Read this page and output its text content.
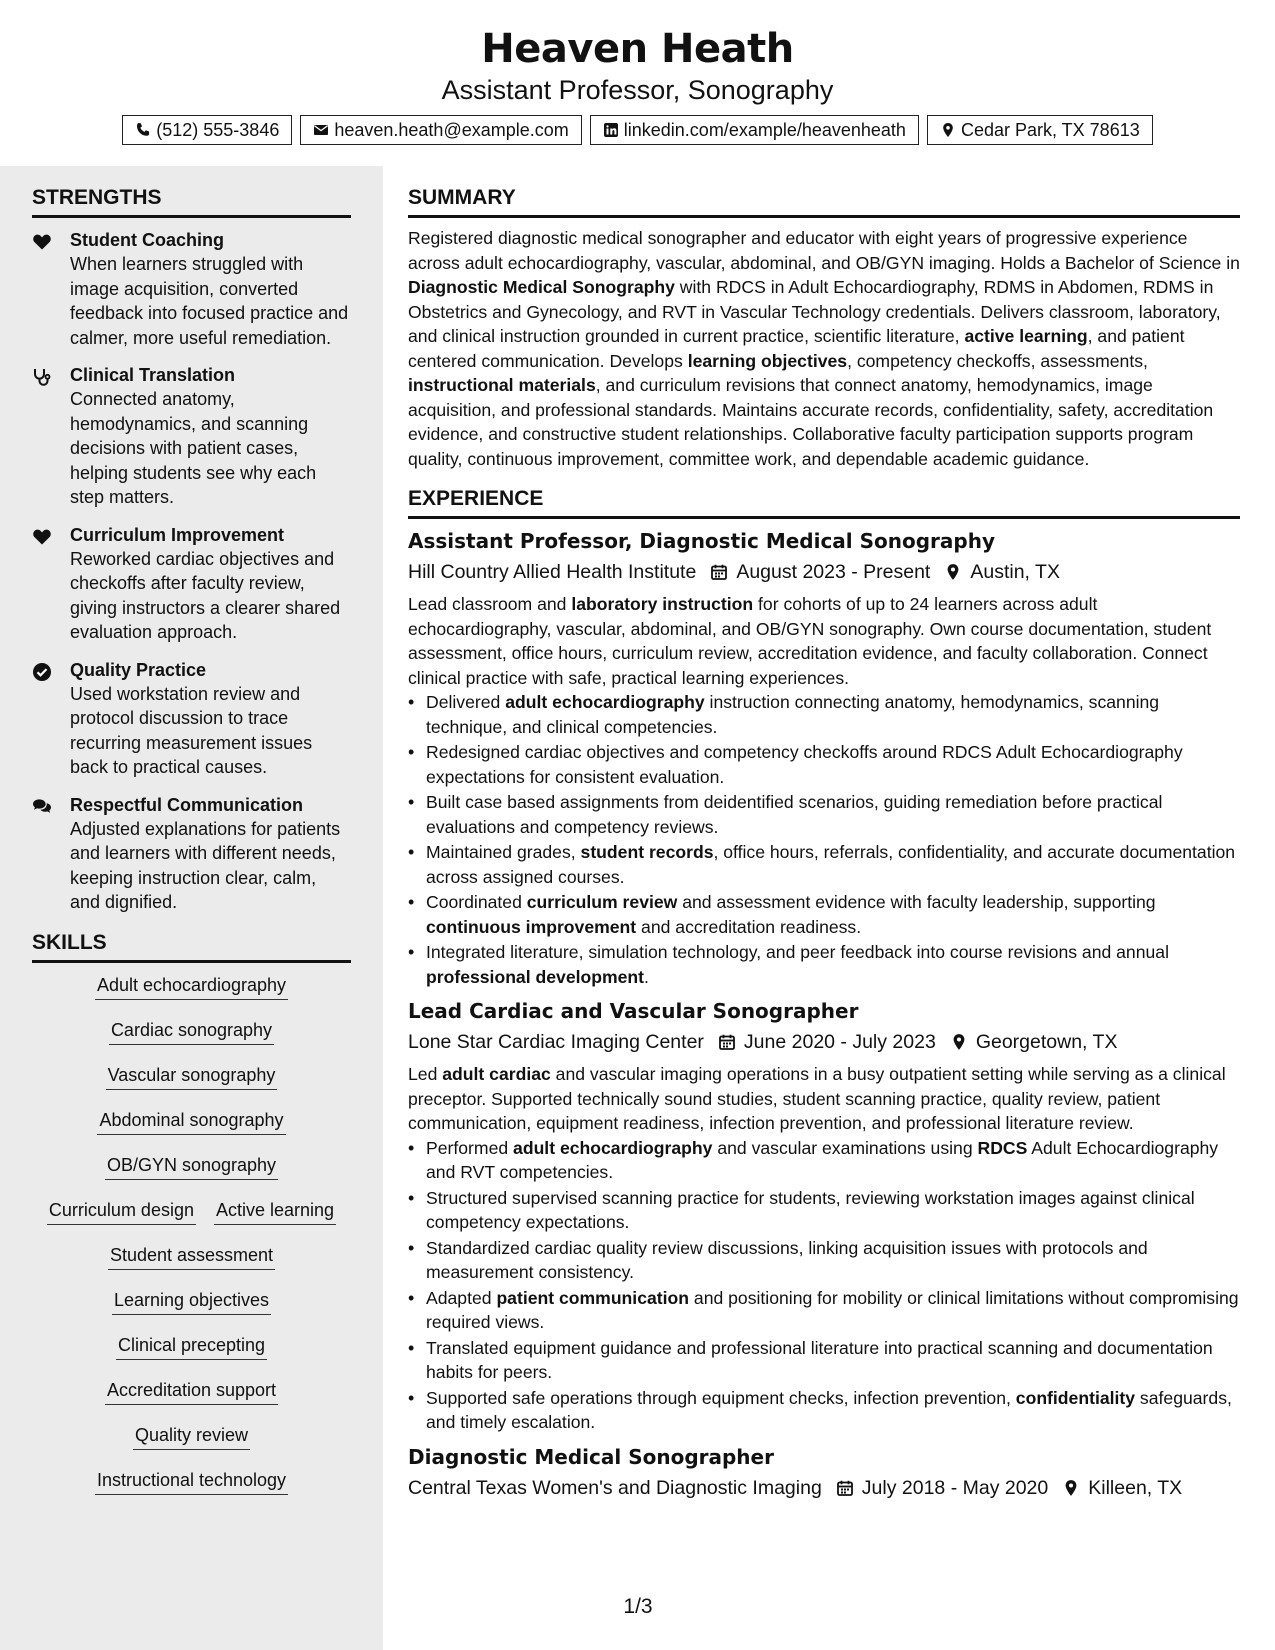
Heaven Heath
Assistant Professor, Sonography
(512) 555-3846	heaven.heath@example.com	linkedin.com/example/heavenheath	Cedar Park, TX 78613
STRENGTHS
Student Coaching
When learners struggled with image acquisition, converted feedback into focused practice and calmer, more useful remediation.
Clinical Translation
Connected anatomy, hemodynamics, and scanning decisions with patient cases, helping students see why each step matters.
Curriculum Improvement
Reworked cardiac objectives and checkoffs after faculty review, giving instructors a clearer shared evaluation approach.
Quality Practice
Used workstation review and protocol discussion to trace recurring measurement issues back to practical causes.
Respectful Communication
Adjusted explanations for patients and learners with different needs, keeping instruction clear, calm, and dignified.
SKILLS
Adult echocardiography
Cardiac sonography
Vascular sonography
Abdominal sonography
OB/GYN sonography
Curriculum design Active learning
Student assessment
Learning objectives
Clinical precepting
Accreditation support
Quality review
Instructional technology
SUMMARY

Registered diagnostic medical sonographer and educator with eight years of progressive experience across adult echocardiography, vascular, abdominal, and OB/GYN imaging. Holds a Bachelor of Science in Diagnostic Medical Sonography with RDCS in Adult Echocardiography, RDMS in Abdomen, RDMS in Obstetrics and Gynecology, and RVT in Vascular Technology credentials. Delivers classroom, laboratory, and clinical instruction grounded in current practice, scientific literature, active learning, and patient centered communication. Develops learning objectives, competency checkoffs, assessments, instructional materials, and curriculum revisions that connect anatomy, hemodynamics, image acquisition, and professional standards. Maintains accurate records, confidentiality, safety, accreditation evidence, and constructive student relationships. Collaborative faculty participation supports program quality, continuous improvement, committee work, and dependable academic guidance.

EXPERIENCE
Assistant Professor, Diagnostic Medical Sonography
Hill Country Allied Health Institute August 2023 - Present Austin, TX

Lead classroom and laboratory instruction for cohorts of up to 24 learners across adult echocardiography, vascular, abdominal, and OB/GYN sonography. Own course documentation, student assessment, office hours, curriculum review, accreditation evidence, and faculty collaboration. Connect clinical practice with safe, practical learning experiences.

• Delivered adult echocardiography instruction connecting anatomy, hemodynamics, scanning technique, and clinical competencies.
• Redesigned cardiac objectives and competency checkoffs around RDCS Adult Echocardiography expectations for consistent evaluation.
• Built case based assignments from deidentified scenarios, guiding remediation before practical evaluations and competency reviews.
• Maintained grades, student records, office hours, referrals, confidentiality, and accurate documentation across assigned courses.
• Coordinated curriculum review and assessment evidence with faculty leadership, supporting continuous improvement and accreditation readiness.
• Integrated literature, simulation technology, and peer feedback into course revisions and annual professional development.
Lead Cardiac and Vascular Sonographer
Lone Star Cardiac Imaging Center June 2020 - July 2023 Georgetown, TX

Led adult cardiac and vascular imaging operations in a busy outpatient setting while serving as a clinical preceptor. Supported technically sound studies, student scanning practice, quality review, patient communication, equipment readiness, infection prevention, and professional literature review.

• Performed adult echocardiography and vascular examinations using RDCS Adult Echocardiography and RVT competencies.
• Structured supervised scanning practice for students, reviewing workstation images against clinical competency expectations.
• Standardized cardiac quality review discussions, linking acquisition issues with protocols and measurement consistency.
• Adapted patient communication and positioning for mobility or clinical limitations without compromising required views.
• Translated equipment guidance and professional literature into practical scanning and documentation habits for peers.
• Supported safe operations through equipment checks, infection prevention, confidentiality safeguards, and timely escalation.
Diagnostic Medical Sonographer
Central Texas Women's and Diagnostic Imaging July 2018 - May 2020 Killeen, TX
1/3
